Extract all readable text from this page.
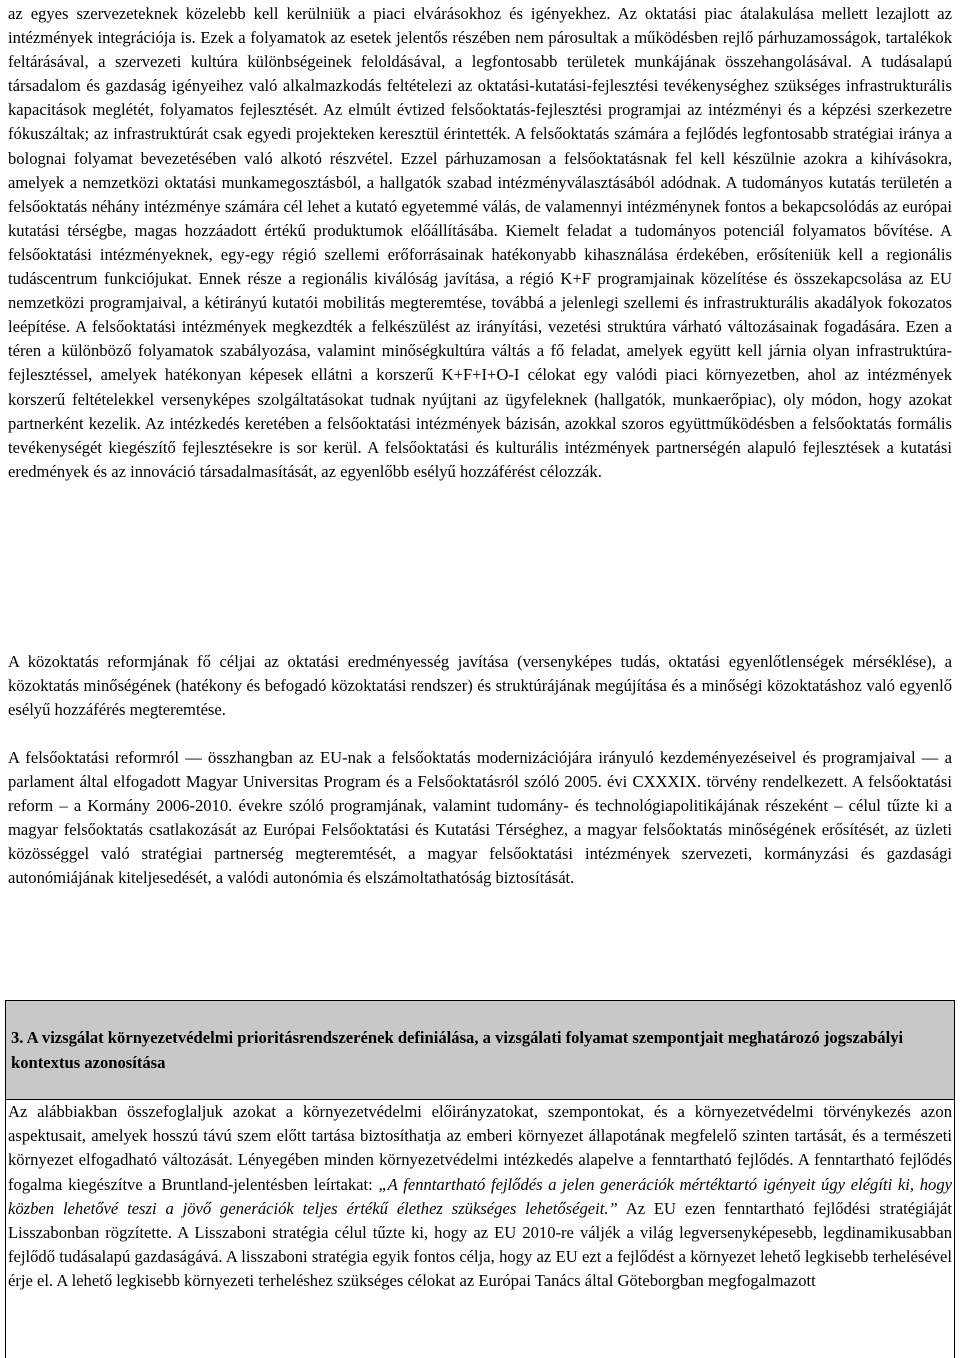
az egyes szervezeteknek közelebb kell kerülniük a piaci elvárásokhoz és igényekhez. Az oktatási piac átalakulása mellett lezajlott az intézmények integrációja is. Ezek a folyamatok az esetek jelentős részében nem párosultak a működésben rejlő párhuzamosságok, tartalékok feltárásával, a szervezeti kultúra különbségeinek feloldásával, a legfontosabb területek munkájának összehangolásával. A tudásalapú társadalom és gazdaság igényeihez való alkalmazkodás feltételezi az oktatási-kutatási-fejlesztési tevékenységhez szükséges infrastrukturális kapacitások meglétét, folyamatos fejlesztését. Az elmúlt évtized felsőoktatás-fejlesztési programjai az intézményi és a képzési szerkezetre fókuszáltak; az infrastruktúrát csak egyedi projekteken keresztül érintették. A felsőoktatás számára a fejlődés legfontosabb stratégiai iránya a bolognai folyamat bevezetésében való alkotó részvétel. Ezzel párhuzamosan a felsőoktatásnak fel kell készülnie azokra a kihívásokra, amelyek a nemzetközi oktatási munkamegosztásból, a hallgatók szabad intézményválasztásából adódnak. A tudományos kutatás területén a felsőoktatás néhány intézménye számára cél lehet a kutató egyetemmé válás, de valamennyi intézménynek fontos a bekapcsolódás az európai kutatási térségbe, magas hozzáadott értékű produktumok előállításába. Kiemelt feladat a tudományos potenciál folyamatos bővítése. A felsőoktatási intézményeknek, egy-egy régió szellemi erőforrásainak hatékonyabb kihasználása érdekében, erősíteniük kell a regionális tudáscentrum funkciójukat. Ennek része a regionális kiválóság javítása, a régió K+F programjainak közelítése és összekapcsolása az EU nemzetközi programjaival, a kétirányú kutatói mobilitás megteremtése, továbbá a jelenlegi szellemi és infrastrukturális akadályok fokozatos leépítése. A felsőoktatási intézmények megkezdték a felkészülést az irányítási, vezetési struktúra várható változásainak fogadására. Ezen a téren a különböző folyamatok szabályozása, valamint minőségkultúra váltás a fő feladat, amelyek együtt kell járnia olyan infrastruktúra-fejlesztéssel, amelyek hatékonyan képesek ellátni a korszerű K+F+I+O-I célokat egy valódi piaci környezetben, ahol az intézmények korszerű feltételekkel versenyképes szolgáltatásokat tudnak nyújtani az ügyfeleknek (hallgatók, munkaerőpiac), oly módon, hogy azokat partnerként kezelik. Az intézkedés keretében a felsőoktatási intézmények bázisán, azokkal szoros együttműködésben a felsőoktatás formális tevékenységét kiegészítő fejlesztésekre is sor kerül. A felsőoktatási és kulturális intézmények partnerségén alapuló fejlesztések a kutatási eredmények és az innováció társadalmasítását, az egyenlőbb esélyű hozzáférést célozzák.

A közoktatás reformjának fő céljai az oktatási eredményesség javítása (versenyképes tudás, oktatási egyenlőtlenségek mérséklése), a közoktatás minőségének (hatékony és befogadó közoktatási rendszer) és struktúrájának megújítása és a minőségi közoktatáshoz való egyenlő esélyű hozzáférés megteremtése.

A felsőoktatási reformról — összhangban az EU-nak a felsőoktatás modernizációjára irányuló kezdeményezéseivel és programjaival — a parlament által elfogadott Magyar Universitas Program és a Felsőoktatásról szóló 2005. évi CXXXIX. törvény rendelkezett. A felsőoktatási reform – a Kormány 2006-2010. évekre szóló programjának, valamint tudomány- és technológiapolitikájának részeként – célul tűzte ki a magyar felsőoktatás csatlakozását az Európai Felsőoktatási és Kutatási Térséghez, a magyar felsőoktatás minőségének erősítését, az üzleti közösséggel való stratégiai partnerség megteremtését, a magyar felsőoktatási intézmények szervezeti, kormányzási és gazdasági autonómiájának kiteljesedését, a valódi autonómia és elszámoltathatóság biztosítását.

3. A vizsgálat környezetvédelmi prioritásrendszerének definiálása, a vizsgálati folyamat szempontjait meghatározó jogszabályi kontextus azonosítása

Az alábbiakban összefoglaljuk azokat a környezetvédelmi előirányzatokat, szempontokat, és a környezetvédelmi törvénykezés azon aspektusait, amelyek hosszú távú szem előtt tartása biztosíthatja az emberi környezet állapotának megfelelő szinten tartását, és a természeti környezet elfogadható változását. Lényegében minden környezetvédelmi intézkedés alapelve a fenntartható fejlődés. A fenntartható fejlődés fogalma kiegészítve a Bruntland-jelentésben leírtakat: „A fenntartható fejlődés a jelen generációk mértéktartó igényeit úgy elégíti ki, hogy közben lehetővé teszi a jövő generációk teljes értékű élethez szükséges lehetőségeit.” Az EU ezen fenntartható fejlődési stratégiáját Lisszabonban rögzítette. A Lisszaboni stratégia célul tűzte ki, hogy az EU 2010-re váljék a világ legversenyképesebb, legdinamikusabban fejlődő tudásalapú gazdaságává. A lisszaboni stratégia egyik fontos célja, hogy az EU ezt a fejlődést a környezet lehető legkisebb terhelésével érje el. A lehető legkisebb környezeti terheléshez szükséges célokat az Európai Tanács által Göteborgban megfogalmazott
